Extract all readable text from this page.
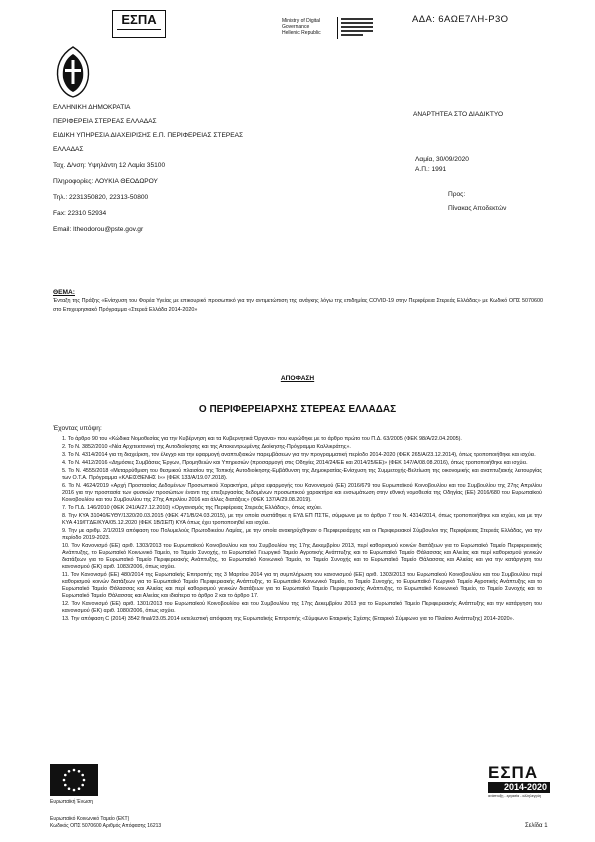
ΕΣΠΑ	Ministry of Digital
Governance
Hellenic Republic
ΑΔΑ: 6ΑΩΕ7ΛΗ-Ρ3Ο
ΕΛΛΗΝΙΚΗ ΔΗΜΟΚΡΑΤΙΑ
ΠΕΡΙΦΕΡΕΙΑ ΣΤΕΡΕΑΣ ΕΛΛΑΔΑΣ
ΕΙΔΙΚΗ ΥΠΗΡΕΣΙΑ ΔΙΑΧΕΙΡΙΣΗΣ Ε.Π. ΠΕΡΙΦΕΡΕΙΑΣ ΣΤΕΡΕΑΣ
ΕΛΛΑΔΑΣ
Ταχ. Δ/νση: Υψηλάντη 12 Λαμία 35100
Πληροφορίες: ΛΟΥΚΙΑ ΘΕΟΔΩΡΟΥ
Τηλ.: 2231350820, 22313-50800
Fax: 22310 52934
Email: ltheodorou@pste.gov.gr
ΑΝΑΡΤΗΤΕΑ ΣΤΟ ΔΙΑΔΙΚΤΥΟ
Λαμία, 30/09/2020
Α.Π.: 1991
Προς:
Πίνακας Αποδεκτών
ΘΕΜΑ:
Ένταξη της Πράξης «Ενίσχυση του Φορέα Υγείας με επικουρικό προσωπικό για την αντιμετώπιση της ανάγκης λόγω της επιδημίας COVID-19 στην Περιφέρεια Στερεάς Ελλάδας» με Κωδικό ΟΠΣ 5070600 στο Επιχειρησιακό Πρόγραμμα «Στερεά Ελλάδα 2014-2020»
ΑΠΟΦΑΣΗ
Ο ΠΕΡΙΦΕΡΕΙΑΡΧΗΣ ΣΤΕΡΕΑΣ ΕΛΛΑΔΑΣ
Έχοντας υπόψη:
1. Το άρθρο 90 του «Κώδικα Νομοθεσίας για την Κυβέρνηση και τα Κυβερνητικά Όργανα» που κυρώθηκε με το άρθρο πρώτο του Π.Δ. 63/2005 (ΦΕΚ 98/Α/22.04.2005).
2. Το Ν. 3852/2010 «Νέα Αρχιτεκτονική της Αυτοδιοίκησης και της Αποκεντρωμένης Διοίκησης-Πρόγραμμα Καλλικράτης».
3. Το Ν. 4314/2014 για τη διαχείριση, τον έλεγχο και την εφαρμογή αναπτυξιακών παρεμβάσεων για την προγραμματική περίοδο 2014-2020 (ΦΕΚ 265/Α/23.12.2014), όπως τροποποιήθηκε και ισχύει.
4. Το Ν. 4412/2016 «Δημόσιες Συμβάσεις Έργων, Προμηθειών και Υπηρεσιών (προσαρμογή στις Οδηγίες 2014/24/ΕΕ και 2014/25/ΕΕ)» (ΦΕΚ 147/Α/08.08.2016), όπως τροποποιήθηκε και ισχύει.
5. Το Ν. 4555/2018 «Μεταρρύθμιση του θεσμικού πλαισίου της Τοπικής Αυτοδιοίκησης-Εμβάθυνση της Δημοκρατίας-Ενίσχυση της Συμμετοχής-Βελτίωση της οικονομικής και αναπτυξιακής λειτουργίας των Ο.Τ.Α. Πρόγραμμα «ΚΛΕΙΣΘΕΝΗΣ Ι»» (ΦΕΚ 133/Α/19.07.2018).
6. Το Ν. 4624/2019 «Αρχή Προστασίας Δεδομένων Προσωπικού Χαρακτήρα, μέτρα εφαρμογής του Κανονισμού (ΕΕ) 2016/679 του Ευρωπαϊκού Κοινοβουλίου και του Συμβουλίου της 27ης Απριλίου 2016 για την προστασία των φυσικών προσώπων έναντι της επεξεργασίας δεδομένων προσωπικού χαρακτήρα και ενσωμάτωση στην εθνική νομοθεσία της Οδηγίας (ΕΕ) 2016/680 του Ευρωπαϊκού Κοινοβουλίου και του Συμβουλίου της 27ης Απριλίου 2016 και άλλες διατάξεις» (ΦΕΚ 137/Α/29.08.2019).
7. Το Π.Δ. 146/2010 (ΦΕΚ 241/Α/27.12.2010) «Οργανισμός της Περιφέρειας Στερεάς Ελλάδας», όπως ισχύει.
8. Την ΚΥΑ 31040/ΕΥΘΥ/1320/20.03.2015 (ΦΕΚ 471/Β/24.03.2015), με την οποία συστάθηκε η ΕΥΔ ΕΠ ΠΣΤΕ, σύμφωνα με το άρθρο 7 του Ν. 4314/2014, όπως τροποποιήθηκε και ισχύει, και με την ΚΥΑ 419/ΓΓΔΕ/ΚΥΑ/05.12.2020 (ΦΕΚ 1B/ΣΕΠ) ΚΥΑ όπως έχει τροποποιηθεί και ισχύει.
9. Την με αριθμ. 2/1/2019 απόφαση του Πολυμελούς Πρωτοδικείου Λαμίας, με την οποία ανακηρύχθηκαν ο Περιφερειάρχης και οι Περιφερειακοί Σύμβουλοι της Περιφέρειας Στερεάς Ελλάδας, για την περίοδο 2019-2023.
10. Τον Κανονισμό (ΕΕ) αριθ. 1303/2013 του Ευρωπαϊκού Κοινοβουλίου και του Συμβουλίου της 17ης Δεκεμβρίου 2013, περί καθορισμού κοινών διατάξεων για το Ευρωπαϊκό Ταμείο Περιφερειακής Ανάπτυξης, το Ευρωπαϊκό Κοινωνικό Ταμείο, το Ταμείο Συνοχής, το Ευρωπαϊκό Γεωργικό Ταμείο Αγροτικής Ανάπτυξης και το Ευρωπαϊκό Ταμείο Θάλασσας και Αλιείας και περί καθορισμού γενικών διατάξεων για το Ευρωπαϊκό Ταμείο Περιφερειακής Ανάπτυξης, το Ευρωπαϊκό Κοινωνικό Ταμείο, το Ταμείο Συνοχής και το Ευρωπαϊκό Ταμείο Θάλασσας και Αλιείας και για την κατάργηση του κανονισμού (ΕΚ) αριθ. 1083/2006, όπως ισχύει.
11. Τον Κανονισμό (ΕΕ) 480/2014 της Ευρωπαϊκής Επιτροπής της 3 Μαρτίου 2014 για τη συμπλήρωση του κανονισμού (ΕΕ) αριθ. 1303/2013 του Ευρωπαϊκού Κοινοβουλίου και του Συμβουλίου περί καθορισμού κοινών διατάξεων για το Ευρωπαϊκό Ταμείο Περιφερειακής Ανάπτυξης, το Ευρωπαϊκό Κοινωνικό Ταμείο, το Ταμείο Συνοχής, το Ευρωπαϊκό Γεωργικό Ταμείο Αγροτικής Ανάπτυξης και το Ευρωπαϊκό Ταμείο Θάλασσας και Αλιείας και περί καθορισμού γενικών διατάξεων για το Ευρωπαϊκό Ταμείο Περιφερειακής Ανάπτυξης, το Ευρωπαϊκό Κοινωνικό Ταμείο, το Ταμείο Συνοχής και το Ευρωπαϊκό Ταμείο Θάλασσας και Αλιείας και ιδιαίτερα το άρθρο 2 και το άρθρο 17.
12. Τον Κανονισμό (ΕΕ) αριθ. 1301/2013 του Ευρωπαϊκού Κοινοβουλίου και του Συμβουλίου της 17ης Δεκεμβρίου 2013 για το Ευρωπαϊκό Ταμείο Περιφερειακής Ανάπτυξης και την κατάργηση του κανονισμού (ΕΚ) αριθ. 1080/2006, όπως ισχύει.
13. Την απόφαση C (2014) 3542 final/23.05.2014 εκτελεστική απόφαση της Ευρωπαϊκής Επιτροπής «Σύμφωνο Εταιρικής Σχέσης (Εταιρικό Σύμφωνο για το Πλαίσιο Ανάπτυξης) 2014-2020».
Ευρωπαϊκή Ένωση
Ευρωπαϊκό Κοινωνικό Ταμείο (ΕΚΤ)
Κωδικός ΟΠΣ 5070600 Αριθμός Απόφασης 16213
ΕΣΠΑ
2014-2020
ανάπτυξη - εργασία - αλληλεγγύη
Σελίδα 1
